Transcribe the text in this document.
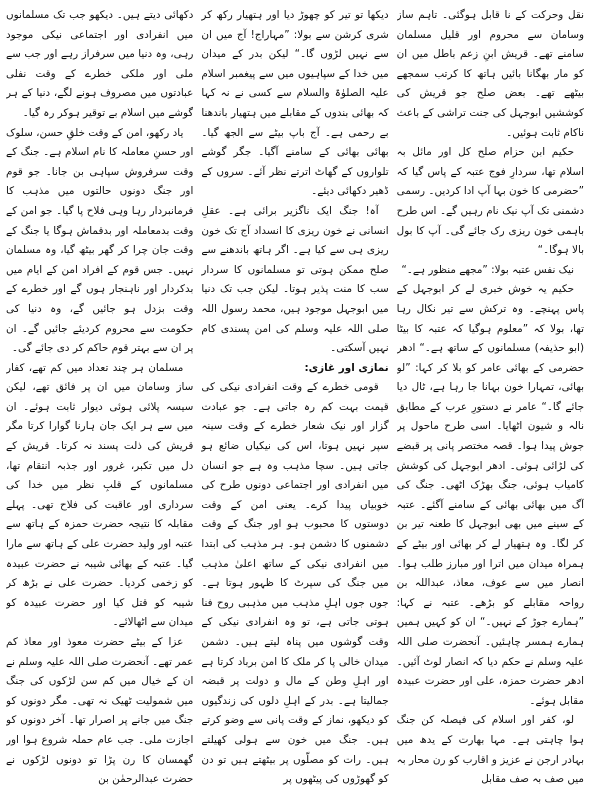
نقل وحرکت کے نا قابل ہوگئی۔ تاہم ساز وسامان سے محروم اور قلیل مسلمان سامنے تھے۔ قریش ابنِ زعم باطل میں ان کو مار بھگانا بائیں ہاتھ کا کرتب سمجھے بیٹھے تھے۔ بعض صلح جو قریش کی کوششیں ابوجہل کی جنت تراشی کے باعث ناکام ثابت ہوئیں۔

حکیم ابن حزام صلح کل اور مائل بہ اسلام تھا، سردارِ فوج عتبہ کے پاس گیا کہ ”حضرمی کا خون بہا آپ ادا کردیں۔ رسمی دشمنی تک آپ نیک نام رہیں گے۔ اس طرح باہمی خون ریزی رک جائے گی۔ آپ کا بول بالا ہوگا۔“

نیک نفس عتبہ بولا: ”مجھے منظور ہے۔“

حکیم یہ خوش خبری لے کر ابوجہل کے پاس پہنچے۔ وہ ترکش سے تیر نکال رہا تھا، بولا کہ ”معلوم ہوگیا کہ عتبہ کا بیٹا (ابو حذیفہ) مسلمانوں کے ساتھ ہے۔“ ادھر حضرمی کے بھائی عامر کو بلا کر کہا: ”لو بھائی، تمہارا خون بہانا جا رہا ہے، ٹال دیا جائے گا۔“ عامر نے دستورِ عرب کے مطابق نالہ و شیون اٹھایا۔ اسی طرح ماحول پر جوش پیدا ہوا۔ قصہ مختصر پانی پر قبضے کی لڑائی ہوئی۔ ادھر ابوجہل کی کوشش کامیاب ہوئی، جنگ بھڑک اٹھی۔ جنگ کی آگ میں بھائی بھائی کے سامنے آگئے۔ عتبہ کے سینے میں بھی ابوجہل کا طعنہ تیر بن کر لگا۔ وہ ہتھیار لے کر بھائی اور بیٹے کے ہمراہ میدان میں اترا اور مبارز طلب ہوا۔ انصار میں سے عوف، معاذ، عبداللہ بن رواحہ مقابلے کو بڑھے۔ عتبہ نے کہا: ”ہمارے جوڑ کے نہیں۔“ ان کو کہیں ہمیں ہمارے ہمسر چاہئیں۔ آنحضرت صلی اللہ علیہ وسلم نے حکم دیا کہ انصار لوٹ آئیں۔ ادھر حضرت حمزہ، علی اور حضرت عبیدہ مقابل ہوئے۔

لو، کفر اور اسلام کی فیصلہ کن جنگ ہوا چاہتی ہے۔ مہا بھارت کے یدھ میں بہادر ارجن نے عزیز و اقارب کو رن محار بہ میں صف بہ صف مقابل

دیکھا تو تیر کو چھوڑ دیا اور ہتھیار رکھ کر شری کرشن سے بولا: ”مہاراج! آج میں ان سے نہیں لڑوں گا۔“ لیکن بدر کے میدان میں خدا کے سپاہیوں میں سے پیغمبر اسلام علیہ الصلوٰۃ والسلام سے کسی نے نہ کہا کہ بھائی بندوں کے مقابلے میں ہتھیار باندھنا بے رحمی ہے۔ آج باپ بیٹے سے الجھ گیا۔ بھائی بھائی کے سامنے آگیا۔ جگر گوشے تلواروں کے گھاٹ اترتے نظر آئے۔ سروں کے ڈھیر دکھائی دیئے۔

آہ! جنگ ایک ناگزیر برائی ہے۔ عقلِ انسانی نے خون ریزی کا انسداد آج تک خون ریزی ہی سے کیا ہے۔ اگر ہاتھ باندھنے سے صلح ممکن ہوتی تو مسلمانوں کا سردار سب کا منت پذیر ہوتا۔ لیکن جب تک دنیا میں ابوجہل موجود ہیں، محمد رسول اللہ صلی اللہ علیہ وسلم کی امن پسندی کام نہیں آسکتی۔

نمازی اور غازی:

قومی خطرے کے وقت انفرادی نیکی کی قیمت بہت کم رہ جاتی ہے۔ جو عبادت گزار اور نیک شعار خطرے کے وقت سینہ سپر نہیں ہوتا، اس کی نیکیاں ضائع ہو جاتی ہیں۔ سچا مذہب وہ ہے جو انسان میں انفرادی اور اجتماعی دونوں طرح کی خوبیاں پیدا کرے۔ یعنی امن کے وقت دوستوں کا محبوب ہو اور جنگ کے وقت دشمنوں کا دشمن ہو۔ ہر مذہب کی ابتدا میں انفرادی نیکی کے ساتھ اعلیٰ مذہب میں جنگ کی سپرٹ کا ظہور ہوتا ہے۔ جوں جوں اہلِ مذہب میں مذہبی روح فنا ہوتی جاتی ہے، تو وہ انفرادی نیکی کے وقت گوشوں میں پناہ لیتے ہیں۔ دشمن میدان خالی پا کر ملک کا امن برباد کرتا ہے اور اہلِ وطن کے مال و دولت پر قبضہ جمالیتا ہے۔ بدر کے اہلِ دلوں کی زندگیوں کو دیکھو، نماز کے وقت پانی سے وضو کرتے ہیں۔ جنگ میں خون سے ہولی کھیلتے ہیں۔ رات کو مصلّوں پر بیٹھتے ہیں تو دن کو گھوڑوں کی پیٹھوں پر

دکھائی دیتے ہیں۔ دیکھو جب تک مسلمانوں میں انفرادی اور اجتماعی نیکی موجود رہی، وہ دنیا میں سرفراز رہے اور جب سے ملی اور ملکی خطرے کے وقت نفلی عبادتوں میں مصروف ہونے لگے، دنیا کے ہر گوشے میں اسلام بے توقیر ہوکر رہ گیا۔

یاد رکھو، امن کے وقت خلقِ حسن، سلوک اور حسنِ معاملہ کا نام اسلام ہے۔ جنگ کے وقت سرفروش سپاہی بن جانا۔ جو قوم اور جنگ دونوں حالتوں میں مذہب کا فرمانبردار رہا وہی فلاح پا گیا۔ جو امن کے وقت بدمعاملہ اور بدقماش ہوگا یا جنگ کے وقت جان چرا کر گھر بیٹھ گیا، وہ مسلمان نہیں۔ جس قوم کے افراد امن کے ایام میں بدکردار اور ناہنجار ہوں گے اور خطرے کے وقت بزدل ہو جائیں گے، وہ دنیا کی حکومت سے محروم کردیئے جائیں گے۔ ان پر ان سے بہتر قوم حاکم کر دی جائے گی۔

مسلمان ہر چند تعداد میں کم تھے، کفار ساز وسامان میں ان پر فائق تھے، لیکن سیسہ پلائی ہوئی دیوار ثابت ہوئے۔ ان میں سے ہر ایک جان ہارنا گوارا کرتا مگر قریش کی ذلت پسند نہ کرتا۔ قریش کے دل میں تکبر، غرور اور جذبہ انتقام تھا، مسلمانوں کے قلبِ نظر میں خدا کی سرداری اور عاقبت کی فلاح تھی۔ پہلے مقابلہ کا نتیجہ حضرت حمزہ کے ہاتھ سے عتبہ اور ولید حضرت علی کے ہاتھ سے مارا گیا۔ عتبہ کے بھائی شیبہ نے حضرت عبیدہ کو زخمی کردیا۔ حضرت علی نے بڑھ کر شیبہ کو قتل کیا اور حضرت عبیدہ کو میدان سے اٹھالائے۔

عزا کے بیٹے حضرت معوذ اور معاذ کم عمر تھے۔ آنحضرت صلی اللہ علیہ وسلم نے ان کے خیال میں کم سن لڑکوں کی جنگ میں شمولیت ٹھیک نہ تھی۔ مگر دونوں کو جنگ میں جانے پر اصرار تھا۔ آخر دونوں کو اجازت ملی۔ جب عام حملہ شروع ہوا اور گھمسان کا رن پڑا تو دونوں لڑکوں نے حضرت عبدالرحمٰن بن
